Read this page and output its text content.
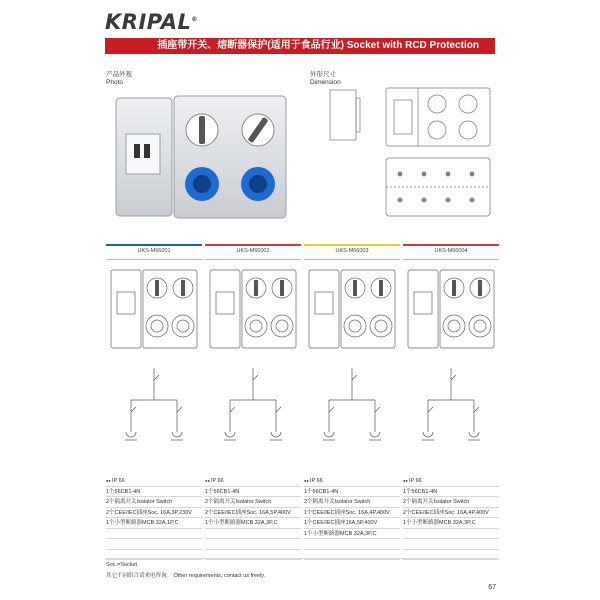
KRIPAL®
插座带开关、熔断器保护(适用于食品行业) Socket with RCD Protection
产品外观
Photo
外形尺寸
Dimension
UKS-M66001
●● IP 66
1个56CB1-4N
2个隔离开关Isolator Switch
2个CEE/IEC插座Soc. 16A,3P,230V
1个小型断路器MCB 32A,1P,C
UKS-M66002
●● IP 66
1个56CB1-4N
2个隔离开关Isolator Switch
2个CEE/IEC插座Soc. 16A,5P,400V
1个小型断路器MCB 32A,3P,C
UKS-M66003
●● IP 66
1个56CB1-4N
2个隔离开关Isolator Switch
1个CEE/IEC插座Soc. 16A,4P,400V
1个CEE/IEC插座16A,5P,400V
1个小型断路器MCB 32A,3P,C
UKS-M66004
●● IP 66
1个56CB1-4N
2个隔离开关Isolator Switch
2个CEE/IEC插座Soc. 16A,4P,400V
1个小型断路器MCB 32A,3P,C
Soc.=Socket
其它不同组合请来电咨询。 Other requirements, contact us freely.
67
